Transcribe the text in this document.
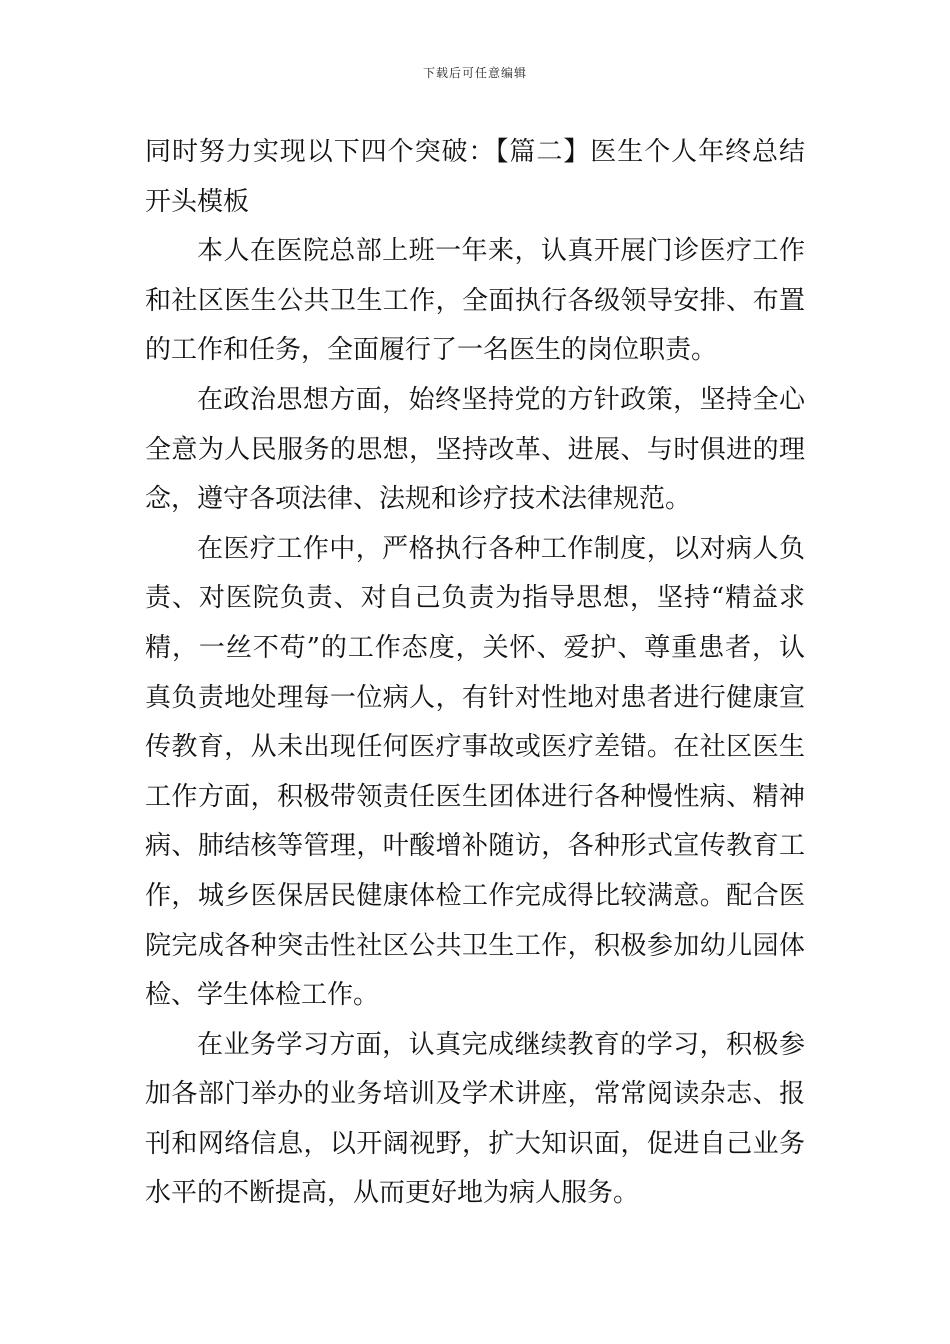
下载后可任意编辑

同时努力实现以下四个突破：【篇二】医生个人年终总结开头模板

本人在医院总部上班一年来，认真开展门诊医疗工作和社区医生公共卫生工作，全面执行各级领导安排、布置的工作和任务，全面履行了一名医生的岗位职责。

在政治思想方面，始终坚持党的方针政策，坚持全心全意为人民服务的思想，坚持改革、进展、与时俱进的理念，遵守各项法律、法规和诊疗技术法律规范。

在医疗工作中，严格执行各种工作制度，以对病人负责、对医院负责、对自己负责为指导思想，坚持“精益求精，一丝不苟”的工作态度，关怀、爱护、尊重患者，认真负责地处理每一位病人，有针对性地对患者进行健康宣传教育，从未出现任何医疗事故或医疗差错。在社区医生工作方面，积极带领责任医生团体进行各种慢性病、精神病、肺结核等管理，叶酸增补随访，各种形式宣传教育工作，城乡医保居民健康体检工作完成得比较满意。配合医院完成各种突击性社区公共卫生工作，积极参加幼儿园体检、学生体检工作。

在业务学习方面，认真完成继续教育的学习，积极参加各部门举办的业务培训及学术讲座，常常阅读杂志、报刊和网络信息，以开阔视野，扩大知识面，促进自己业务水平的不断提高，从而更好地为病人服务。
